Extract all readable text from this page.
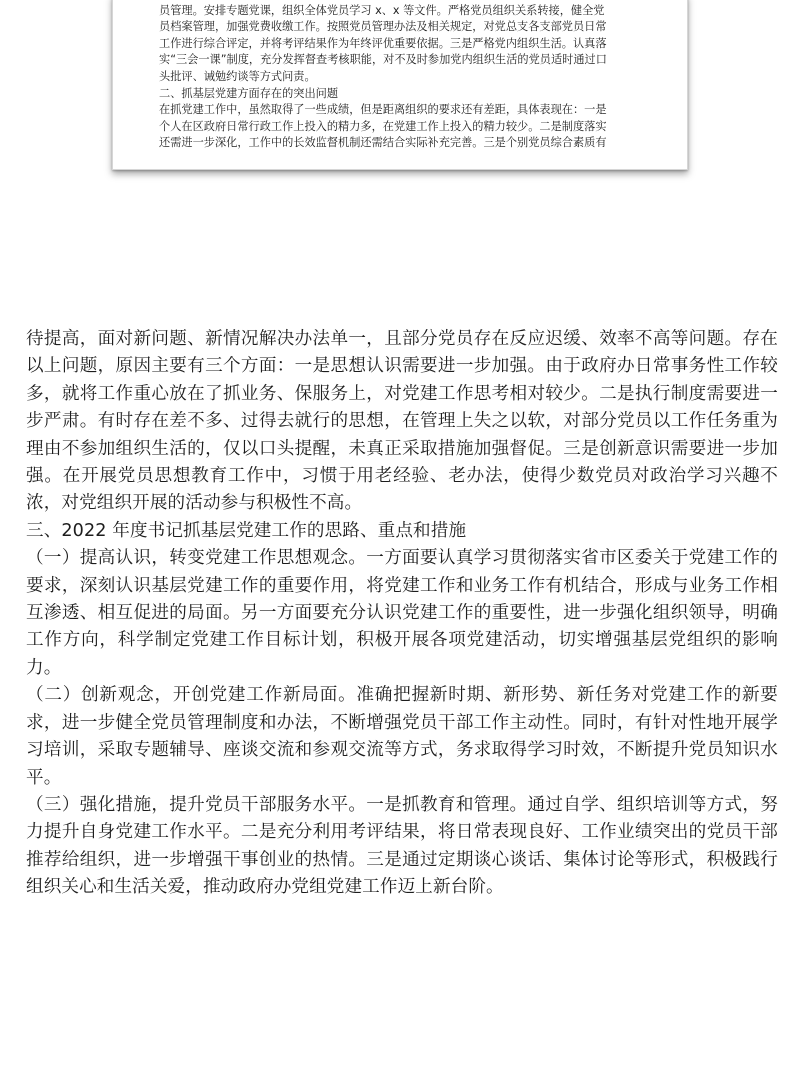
员管理。安排专题党课，组织全体党员学习 x、x 等文件。严格党员组织关系转接，健全党

员档案管理，加强党费收缴工作。按照党员管理办法及相关规定，对党总支各支部党员日常

工作进行综合评定，并将考评结果作为年终评优重要依据。三是严格党内组织生活。认真落

实“三会一课”制度，充分发挥督查考核职能，对不及时参加党内组织生活的党员适时通过口

头批评、诫勉约谈等方式问责。

二、抓基层党建方面存在的突出问题

在抓党建工作中，虽然取得了一些成绩，但是距离组织的要求还有差距，具体表现在：一是

个人在区政府日常行政工作上投入的精力多，在党建工作上投入的精力较少。二是制度落实

还需进一步深化，工作中的长效监督机制还需结合实际补充完善。三是个别党员综合素质有

待提高，面对新问题、新情况解决办法单一，且部分党员存在反应迟缓、效率不高等问题。存在以上问题，原因主要有三个方面：一是思想认识需要进一步加强。由于政府办日常事务性工作较多，就将工作重心放在了抓业务、保服务上，对党建工作思考相对较少。二是执行制度需要进一步严肃。有时存在差不多、过得去就行的思想，在管理上失之以软，对部分党员以工作任务重为理由不参加组织生活的，仅以口头提醒，未真正采取措施加强督促。三是创新意识需要进一步加强。在开展党员思想教育工作中，习惯于用老经验、老办法，使得少数党员对政治学习兴趣不浓，对党组织开展的活动参与积极性不高。

三、2022 年度书记抓基层党建工作的思路、重点和措施

（一）提高认识，转变党建工作思想观念。一方面要认真学习贯彻落实省市区委关于党建工作的要求，深刻认识基层党建工作的重要作用，将党建工作和业务工作有机结合，形成与业务工作相互渗透、相互促进的局面。另一方面要充分认识党建工作的重要性，进一步强化组织领导，明确工作方向，科学制定党建工作目标计划，积极开展各项党建活动，切实增强基层党组织的影响力。

（二）创新观念，开创党建工作新局面。准确把握新时期、新形势、新任务对党建工作的新要求，进一步健全党员管理制度和办法，不断增强党员干部工作主动性。同时，有针对性地开展学习培训，采取专题辅导、座谈交流和参观交流等方式，务求取得学习时效，不断提升党员知识水平。

（三）强化措施，提升党员干部服务水平。一是抓教育和管理。通过自学、组织培训等方式，努力提升自身党建工作水平。二是充分利用考评结果，将日常表现良好、工作业绩突出的党员干部推荐给组织，进一步增强干事创业的热情。三是通过定期谈心谈话、集体讨论等形式，积极践行组织关心和生活关爱，推动政府办党组党建工作迈上新台阶。
